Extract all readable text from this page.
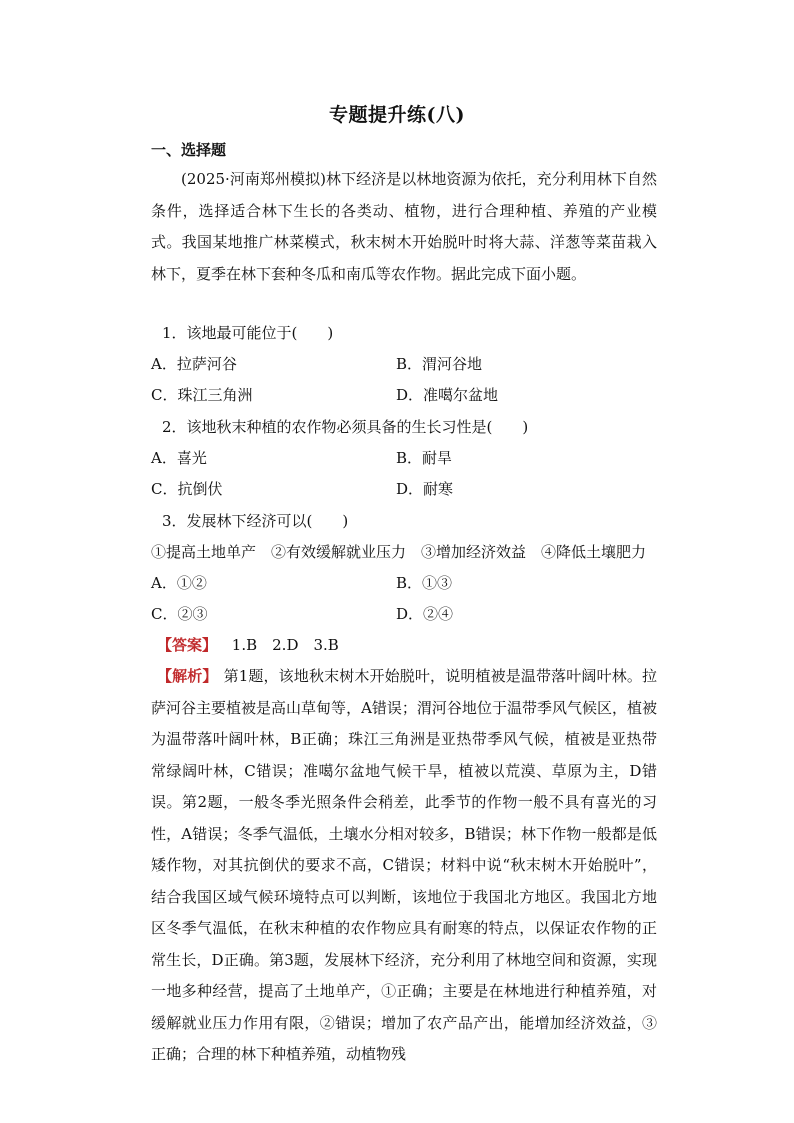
专题提升练(八)
一、选择题
(2025·河南郑州模拟)林下经济是以林地资源为依托，充分利用林下自然条件，选择适合林下生长的各类动、植物，进行合理种植、养殖的产业模式。我国某地推广林菜模式，秋末树木开始脱叶时将大蒜、洋葱等菜苗栽入林下，夏季在林下套种冬瓜和南瓜等农作物。据此完成下面小题。
1．该地最可能位于(　　)
A．拉萨河谷	B．渭河谷地
C．珠江三角洲	D．准噶尔盆地
2．该地秋末种植的农作物必须具备的生长习性是(　　)
A．喜光	B．耐旱
C．抗倒伏	D．耐寒
3．发展林下经济可以(　　)
①提高土地单产　②有效缓解就业压力　③增加经济效益　④降低土壤肥力
A．①②	B．①③
C．②③	D．②④
【答案】 1.B　2.D　3.B
【解析】 第1题，该地秋末树木开始脱叶，说明植被是温带落叶阔叶林。拉萨河谷主要植被是高山草甸等，A错误；渭河谷地位于温带季风气候区，植被为温带落叶阔叶林，B正确；珠江三角洲是亚热带季风气候，植被是亚热带常绿阔叶林，C错误；准噶尔盆地气候干旱，植被以荒漠、草原为主，D错误。第2题，一般冬季光照条件会稍差，此季节的作物一般不具有喜光的习性，A错误；冬季气温低，土壤水分相对较多，B错误；林下作物一般都是低矮作物，对其抗倒伏的要求不高，C错误；材料中说“秋末树木开始脱叶”，结合我国区域气候环境特点可以判断，该地位于我国北方地区。我国北方地区冬季气温低，在秋末种植的农作物应具有耐寒的特点，以保证农作物的正常生长，D正确。第3题，发展林下经济，充分利用了林地空间和资源，实现一地多种经营，提高了土地单产，①正确；主要是在林地进行种植养殖，对缓解就业压力作用有限，②错误；增加了农产品产出，能增加经济效益，③正确；合理的林下种植养殖，动植物残
